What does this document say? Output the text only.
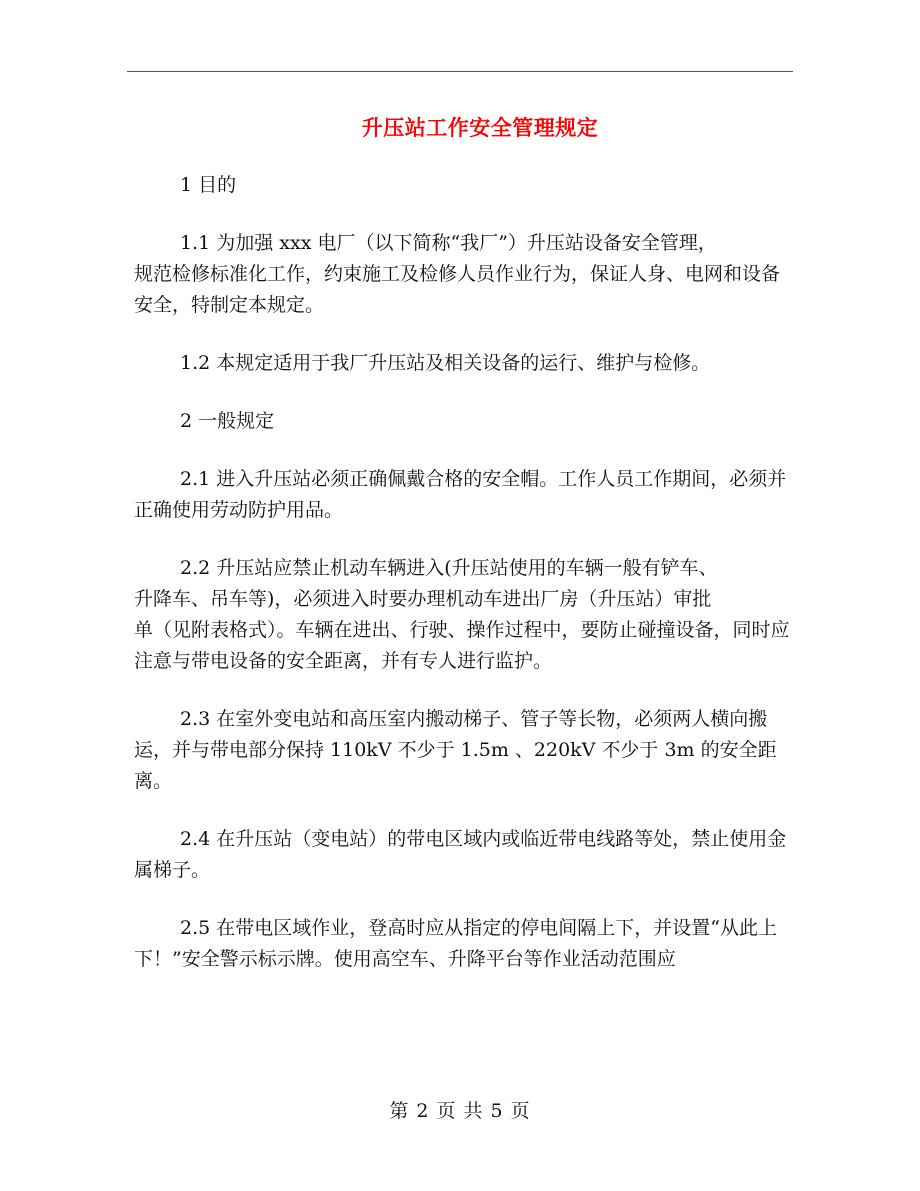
升压站工作安全管理规定

1 目的

1.1 为加强 xxx 电厂（以下简称“我厂”）升压站设备安全管理，
规范检修标准化工作，约束施工及检修人员作业行为，保证人身、电网和设备安全，特制定本规定。

1.2 本规定适用于我厂升压站及相关设备的运行、维护与检修。

2 一般规定

2.1 进入升压站必须正确佩戴合格的安全帽。工作人员工作期间，必须并正确使用劳动防护用品。

2.2 升压站应禁止机动车辆进入(升压站使用的车辆一般有铲车、
升降车、吊车等)，必须进入时要办理机动车进出厂房（升压站）审批
单（见附表格式）。车辆在进出、行驶、操作过程中，要防止碰撞设备，同时应注意与带电设备的安全距离，并有专人进行监护。

2.3 在室外变电站和高压室内搬动梯子、管子等长物，必须两人横向搬运，并与带电部分保持 110kV 不少于 1.5m 、220kV 不少于 3m 的安全距离。

2.4 在升压站（变电站）的带电区域内或临近带电线路等处，禁止使用金属梯子。

2.5 在带电区域作业，登高时应从指定的停电间隔上下，并设置“从此上下！”安全警示标示牌。使用高空车、升降平台等作业活动范围应

第 2 页 共 5 页
